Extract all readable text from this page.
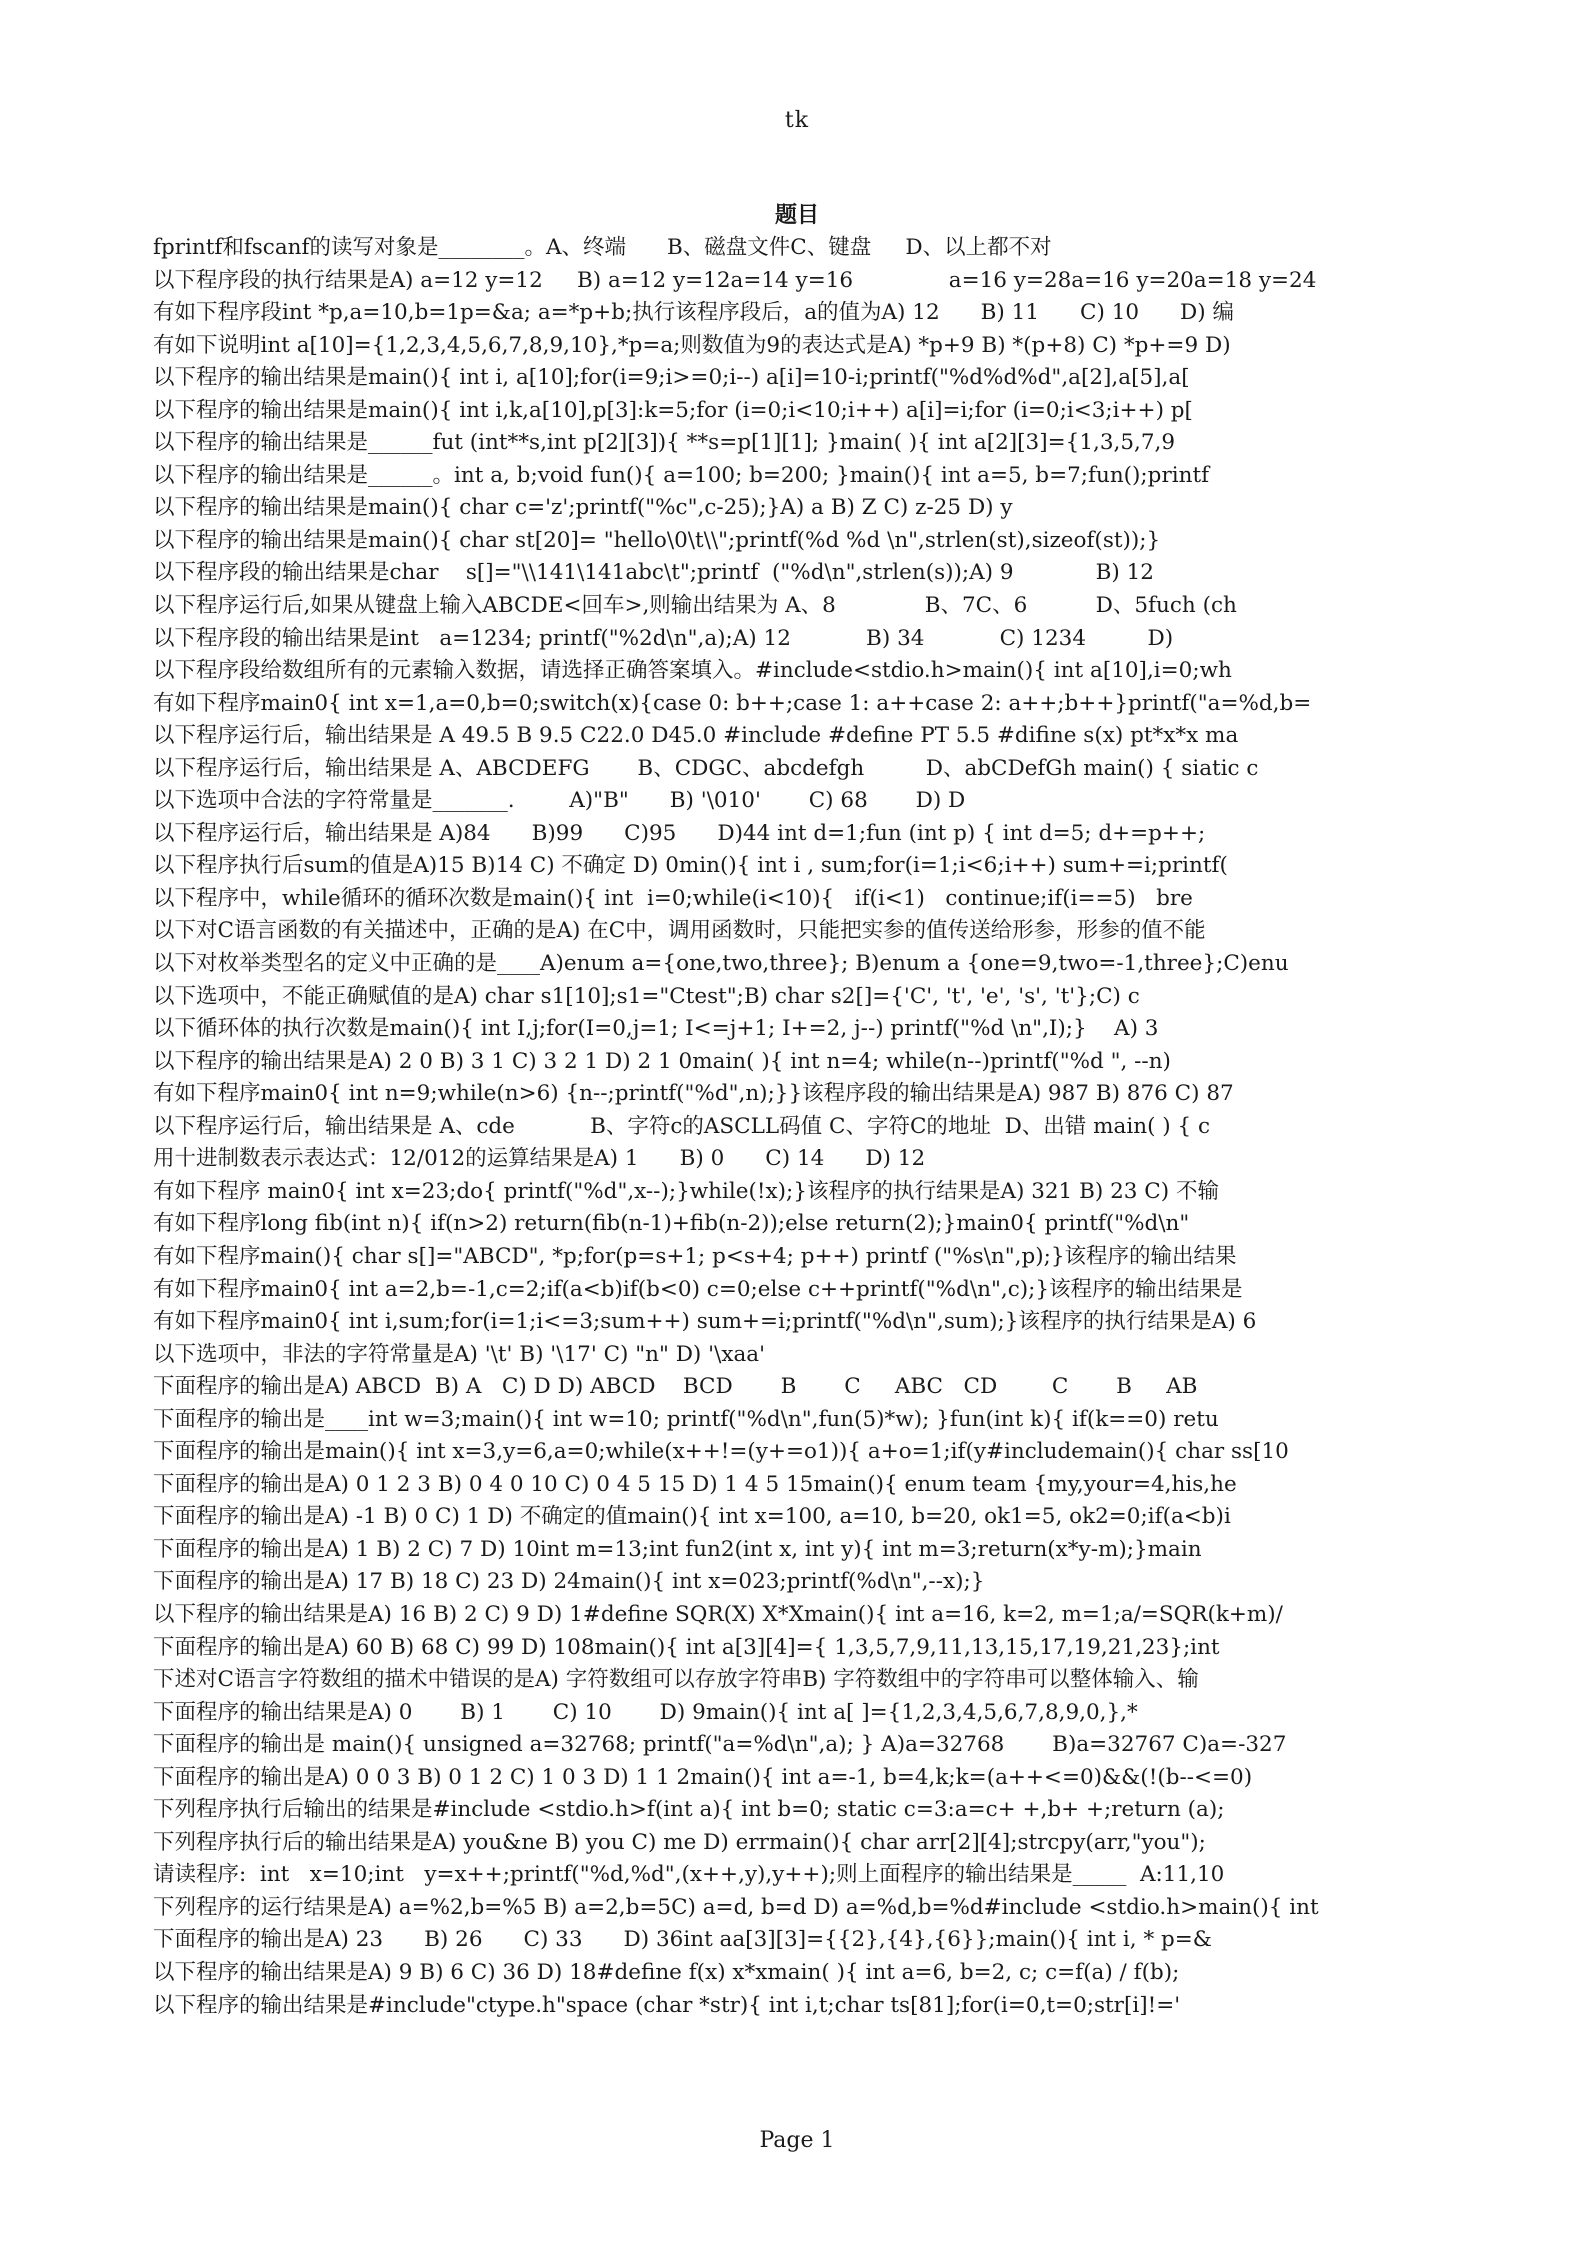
tk
题目
fprintf和fscanf的读写对象是________。A、终端      B、磁盘文件C、键盘     D、以上都不对
以下程序段的执行结果是A) a=12 y=12     B) a=12 y=12a=14 y=16              a=16 y=28a=16 y=20a=18 y=24
有如下程序段int *p,a=10,b=1p=&a; a=*p+b;执行该程序段后，a的值为A) 12      B) 11      C) 10      D) 编
有如下说明int a[10]={1,2,3,4,5,6,7,8,9,10},*p=a;则数值为9的表达式是A) *p+9 B) *(p+8) C) *p+=9 D)
以下程序的输出结果是main(){ int i, a[10];for(i=9;i>=0;i--) a[i]=10-i;printf("%d%d%d",a[2],a[5],a[
以下程序的输出结果是main(){ int i,k,a[10],p[3]:k=5;for (i=0;i<10;i++) a[i]=i;for (i=0;i<3;i++) p[
以下程序的输出结果是______fut (int**s,int p[2][3]){ **s=p[1][1]; }main( ){ int a[2][3]={1,3,5,7,9
以下程序的输出结果是______。int a, b;void fun(){ a=100; b=200; }main(){ int a=5, b=7;fun();printf
以下程序的输出结果是main(){ char c='z';printf("%c",c-25);}A) a B) Z C) z-25 D) y
以下程序的输出结果是main(){ char st[20]= "hello\0\t\\";printf(%d %d \n",strlen(st),sizeof(st));}
以下程序段的输出结果是char    s[]="\\141\141abc\t";printf  ("%d\n",strlen(s));A) 9            B) 12
以下程序运行后,如果从键盘上输入ABCDE<回车>,则输出结果为 A、8             B、7C、6          D、5fuch (ch
以下程序段的输出结果是int   a=1234; printf("%2d\n",a);A) 12           B) 34           C) 1234         D)
以下程序段给数组所有的元素输入数据，请选择正确答案填入。#include<stdio.h>main(){ int a[10],i=0;wh
有如下程序main0{ int x=1,a=0,b=0;switch(x){case 0: b++;case 1: a++case 2: a++;b++}printf("a=%d,b=
以下程序运行后，输出结果是 A 49.5 B 9.5 C22.0 D45.0 #include #define PT 5.5 #difine s(x) pt*x*x ma
以下程序运行后，输出结果是 A、ABCDEFG       B、CDGC、abcdefgh         D、abCDefGh main() { siatic c
以下选项中合法的字符常量是_______.        A)"B"      B) '\010'       C) 68       D) D
以下程序运行后，输出结果是 A)84      B)99      C)95      D)44 int d=1;fun (int p) { int d=5; d+=p++;
以下程序执行后sum的值是A)15 B)14 C) 不确定 D) 0min(){ int i , sum;for(i=1;i<6;i++) sum+=i;printf(
以下程序中，while循环的循环次数是main(){ int  i=0;while(i<10){   if(i<1)   continue;if(i==5)   bre
以下对C语言函数的有关描述中，正确的是A) 在C中，调用函数时，只能把实参的值传送给形参，形参的值不能
以下对枚举类型名的定义中正确的是____A)enum a={one,two,three}; B)enum a {one=9,two=-1,three};C)enu
以下选项中，不能正确赋值的是A) char s1[10];s1="Ctest";B) char s2[]={'C', 't', 'e', 's', 't'};C) c
以下循环体的执行次数是main(){ int I,j;for(I=0,j=1; I<=j+1; I+=2, j--) printf("%d \n",I);}    A) 3
以下程序的输出结果是A) 2 0 B) 3 1 C) 3 2 1 D) 2 1 0main( ){ int n=4; while(n--)printf("%d ", --n)
有如下程序main0{ int n=9;while(n>6) {n--;printf("%d",n);}}该程序段的输出结果是A) 987 B) 876 C) 87
以下程序运行后，输出结果是 A、cde           B、字符c的ASCLL码值 C、字符C的地址  D、出错 main( ) { c
用十进制数表示表达式：12/012的运算结果是A) 1      B) 0      C) 14      D) 12
有如下程序 main0{ int x=23;do{ printf("%d",x--);}while(!x);}该程序的执行结果是A) 321 B) 23 C) 不输
有如下程序long fib(int n){ if(n>2) return(fib(n-1)+fib(n-2));else return(2);}main0{ printf("%d\n"
有如下程序main(){ char s[]="ABCD", *p;for(p=s+1; p<s+4; p++) printf ("%s\n",p);}该程序的输出结果
有如下程序main0{ int a=2,b=-1,c=2;if(a<b)if(b<0) c=0;else c++printf("%d\n",c);}该程序的输出结果是
有如下程序main0{ int i,sum;for(i=1;i<=3;sum++) sum+=i;printf("%d\n",sum);}该程序的执行结果是A) 6
以下选项中，非法的字符常量是A) '\t' B) '\17' C) "n" D) '\xaa'
下面程序的输出是A) ABCD  B) A   C) D D) ABCD    BCD       B       C     ABC   CD        C       B     AB
下面程序的输出是____int w=3;main(){ int w=10; printf("%d\n",fun(5)*w); }fun(int k){ if(k==0) retu
下面程序的输出是main(){ int x=3,y=6,a=0;while(x++!=(y+=o1)){ a+o=1;if(y#includemain(){ char ss[10
下面程序的输出是A) 0 1 2 3 B) 0 4 0 10 C) 0 4 5 15 D) 1 4 5 15main(){ enum team {my,your=4,his,he
下面程序的输出是A) -1 B) 0 C) 1 D) 不确定的值main(){ int x=100, a=10, b=20, ok1=5, ok2=0;if(a<b)i
下面程序的输出是A) 1 B) 2 C) 7 D) 10int m=13;int fun2(int x, int y){ int m=3;return(x*y-m);}main
下面程序的输出是A) 17 B) 18 C) 23 D) 24main(){ int x=023;printf(%d\n",--x);}
以下程序的输出结果是A) 16 B) 2 C) 9 D) 1#define SQR(X) X*Xmain(){ int a=16, k=2, m=1;a/=SQR(k+m)/
下面程序的输出是A) 60 B) 68 C) 99 D) 108main(){ int a[3][4]={ 1,3,5,7,9,11,13,15,17,19,21,23};int
下述对C语言字符数组的描术中错误的是A) 字符数组可以存放字符串B) 字符数组中的字符串可以整体输入、输
下面程序的输出结果是A) 0       B) 1       C) 10       D) 9main(){ int a[ ]={1,2,3,4,5,6,7,8,9,0,},*
下面程序的输出是 main(){ unsigned a=32768; printf("a=%d\n",a); } A)a=32768       B)a=32767 C)a=-327
下面程序的输出是A) 0 0 3 B) 0 1 2 C) 1 0 3 D) 1 1 2main(){ int a=-1, b=4,k;k=(a++<=0)&&(!(b--<=0)
下列程序执行后输出的结果是#include <stdio.h>f(int a){ int b=0; static c=3:a=c+ +,b+ +;return (a);
下列程序执行后的输出结果是A) you&ne B) you C) me D) errmain(){ char arr[2][4];strcpy(arr,"you");
请读程序:  int   x=10;int   y=x++;printf("%d,%d",(x++,y),y++);则上面程序的输出结果是_____  A:11,10
下列程序的运行结果是A) a=%2,b=%5 B) a=2,b=5C) a=d, b=d D) a=%d,b=%d#include <stdio.h>main(){ int
下面程序的输出是A) 23      B) 26      C) 33      D) 36int aa[3][3]={{2},{4},{6}};main(){ int i, * p=&
以下程序的输出结果是A) 9 B) 6 C) 36 D) 18#define f(x) x*xmain( ){ int a=6, b=2, c; c=f(a) / f(b);
以下程序的输出结果是#include"ctype.h"space (char *str){ int i,t;char ts[81];for(i=0,t=0;str[i]!='
Page 1
